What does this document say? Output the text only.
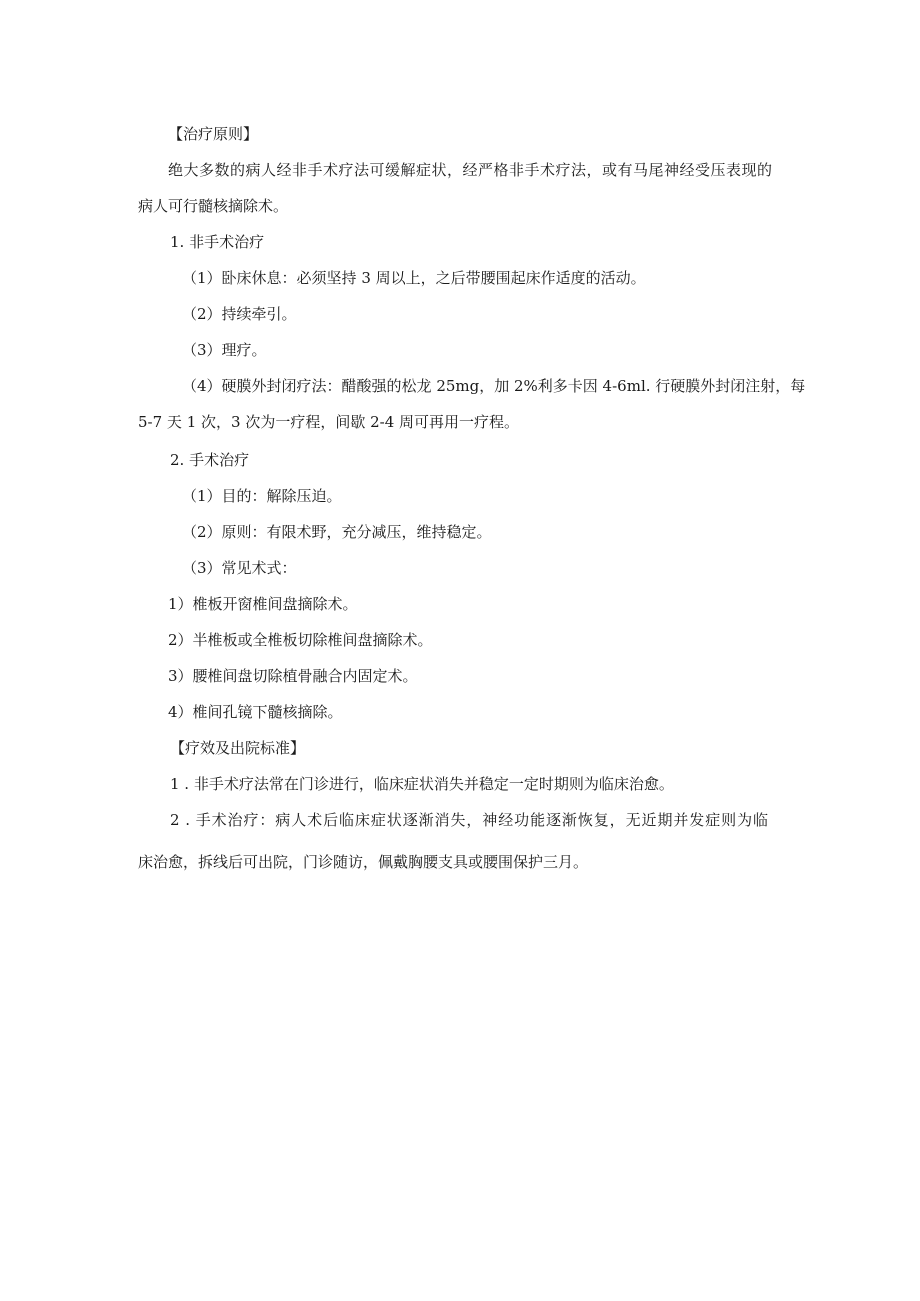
【治疗原则】
绝大多数的病人经非手术疗法可缓解症状，经严格非手术疗法，或有马尾神经受压表现的
病人可行髓核摘除术。
1. 非手术治疗
（1）卧床休息：必须坚持 3 周以上，之后带腰围起床作适度的活动。
（2）持续牵引。
（3）理疗。
（4）硬膜外封闭疗法：醋酸强的松龙 25mg，加 2%利多卡因 4-6ml. 行硬膜外封闭注射，每
5-7 天 1 次，3 次为一疗程，间歇 2-4 周可再用一疗程。
2. 手术治疗
（1）目的：解除压迫。
（2）原则：有限术野，充分减压，维持稳定。
（3）常见术式：
1）椎板开窗椎间盘摘除术。
2）半椎板或全椎板切除椎间盘摘除术。
3）腰椎间盘切除植骨融合内固定术。
4）椎间孔镜下髓核摘除。
【疗效及出院标准】
1 . 非手术疗法常在门诊进行，临床症状消失并稳定一定时期则为临床治愈。
2 . 手术治疗：病人术后临床症状逐渐消失，神经功能逐渐恢复，无近期并发症则为临
床治愈，拆线后可出院，门诊随访，佩戴胸腰支具或腰围保护三月。
